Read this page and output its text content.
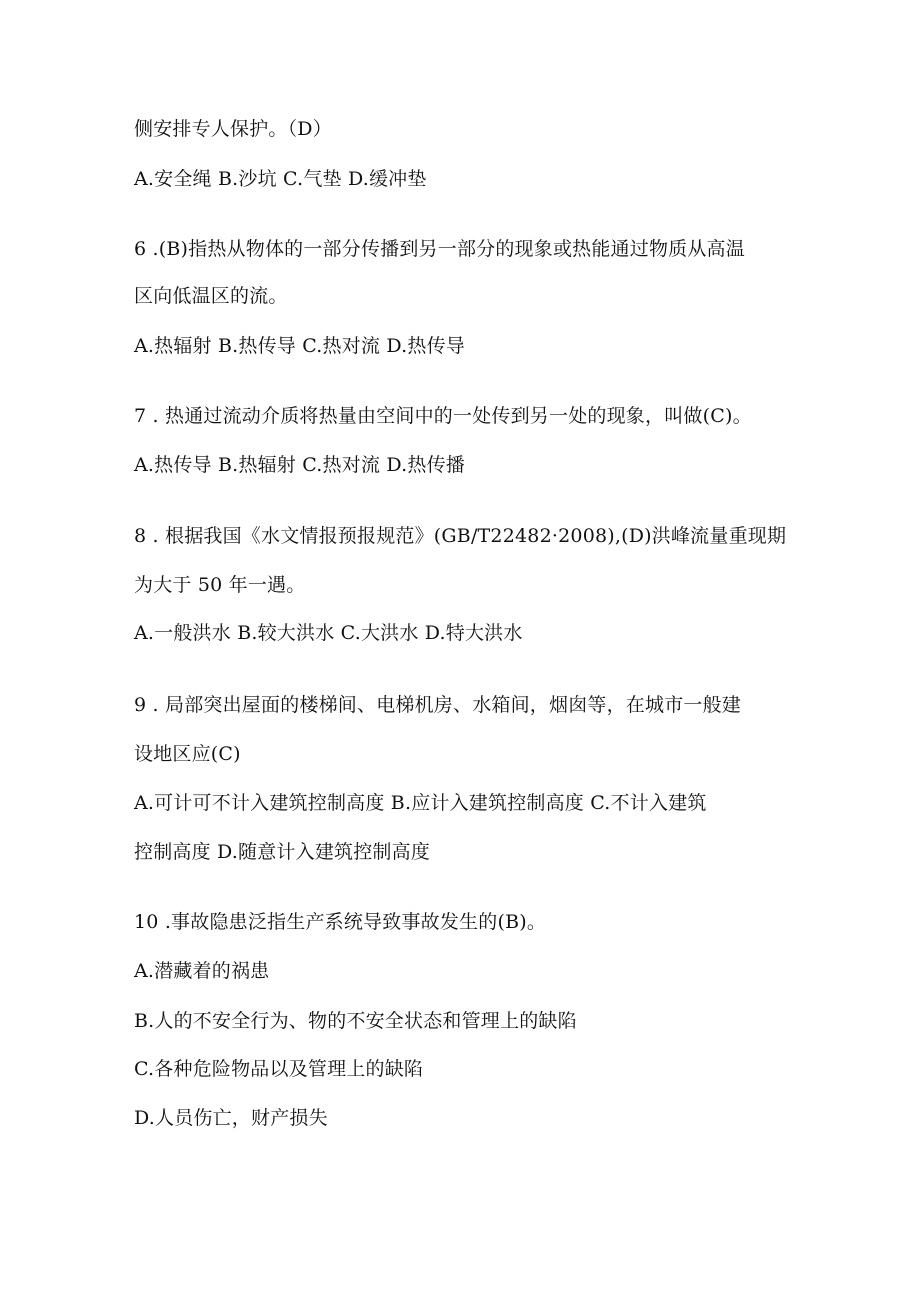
侧安排专人保护。（D）
A.安全绳 B.沙坑 C.气垫 D.缓冲垫
6 .(B)指热从物体的一部分传播到另一部分的现象或热能通过物质从高温
区向低温区的流。
A.热辐射 B.热传导 C.热对流 D.热传导
7 . 热通过流动介质将热量由空间中的一处传到另一处的现象，叫做(C)。
A.热传导 B.热辐射 C.热对流 D.热传播
8 . 根据我国《水文情报预报规范》(GB/T22482·2008),(D)洪峰流量重现期
为大于 50 年一遇。
A.一般洪水 B.较大洪水 C.大洪水 D.特大洪水
9 . 局部突出屋面的楼梯间、电梯机房、水箱间，烟囱等，在城市一般建
设地区应(C)
A.可计可不计入建筑控制高度 B.应计入建筑控制高度 C.不计入建筑
控制高度 D.随意计入建筑控制高度
10 .事故隐患泛指生产系统导致事故发生的(B)。
A.潜藏着的祸患
B.人的不安全行为、物的不安全状态和管理上的缺陷
C.各种危险物品以及管理上的缺陷
D.人员伤亡，财产损失
